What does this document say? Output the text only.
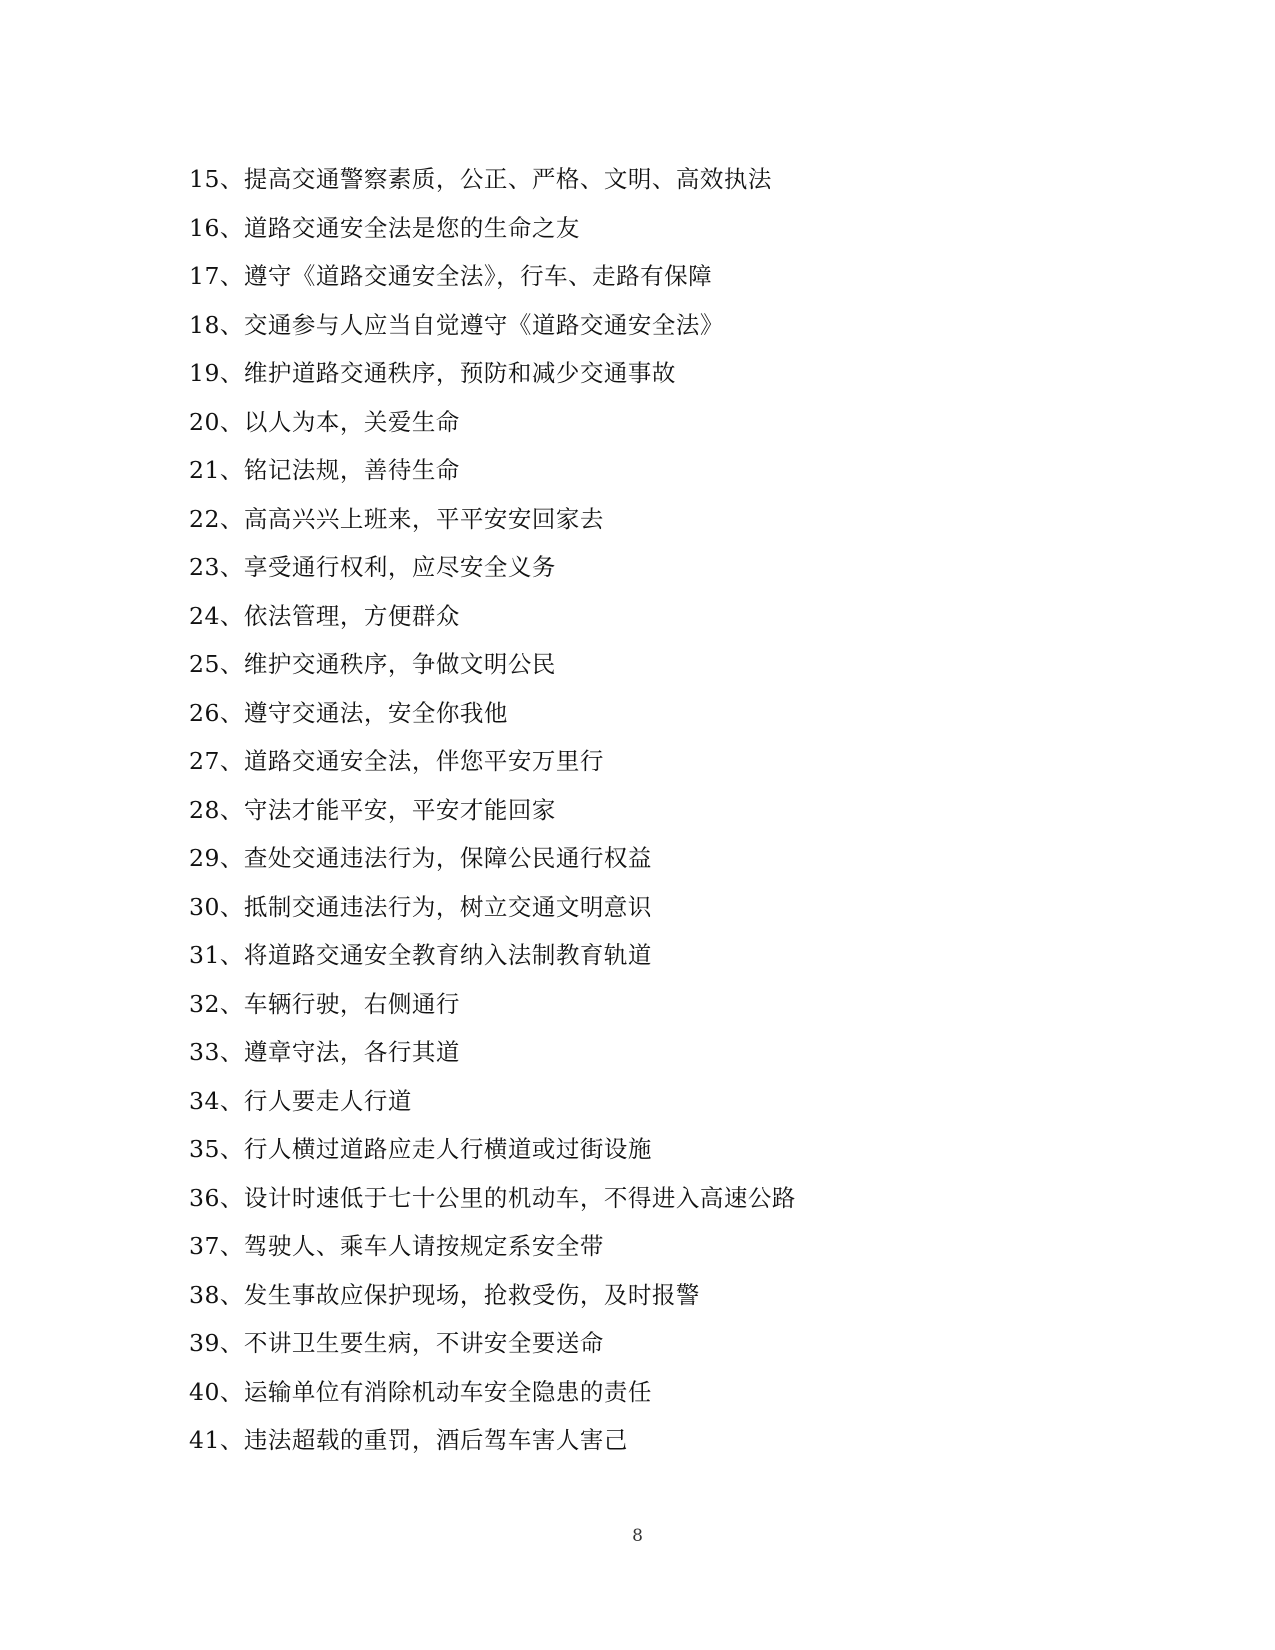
15、提高交通警察素质，公正、严格、文明、高效执法
16、道路交通安全法是您的生命之友
17、遵守《道路交通安全法》，行车、走路有保障
18、交通参与人应当自觉遵守《道路交通安全法》
19、维护道路交通秩序，预防和减少交通事故
20、以人为本，关爱生命
21、铭记法规，善待生命
22、高高兴兴上班来，平平安安回家去
23、享受通行权利，应尽安全义务
24、依法管理，方便群众
25、维护交通秩序，争做文明公民
26、遵守交通法，安全你我他
27、道路交通安全法，伴您平安万里行
28、守法才能平安，平安才能回家
29、查处交通违法行为，保障公民通行权益
30、抵制交通违法行为，树立交通文明意识
31、将道路交通安全教育纳入法制教育轨道
32、车辆行驶，右侧通行
33、遵章守法，各行其道
34、行人要走人行道
35、行人横过道路应走人行横道或过街设施
36、设计时速低于七十公里的机动车，不得进入高速公路
37、驾驶人、乘车人请按规定系安全带
38、发生事故应保护现场，抢救受伤，及时报警
39、不讲卫生要生病，不讲安全要送命
40、运输单位有消除机动车安全隐患的责任
41、违法超载的重罚，酒后驾车害人害己
8
